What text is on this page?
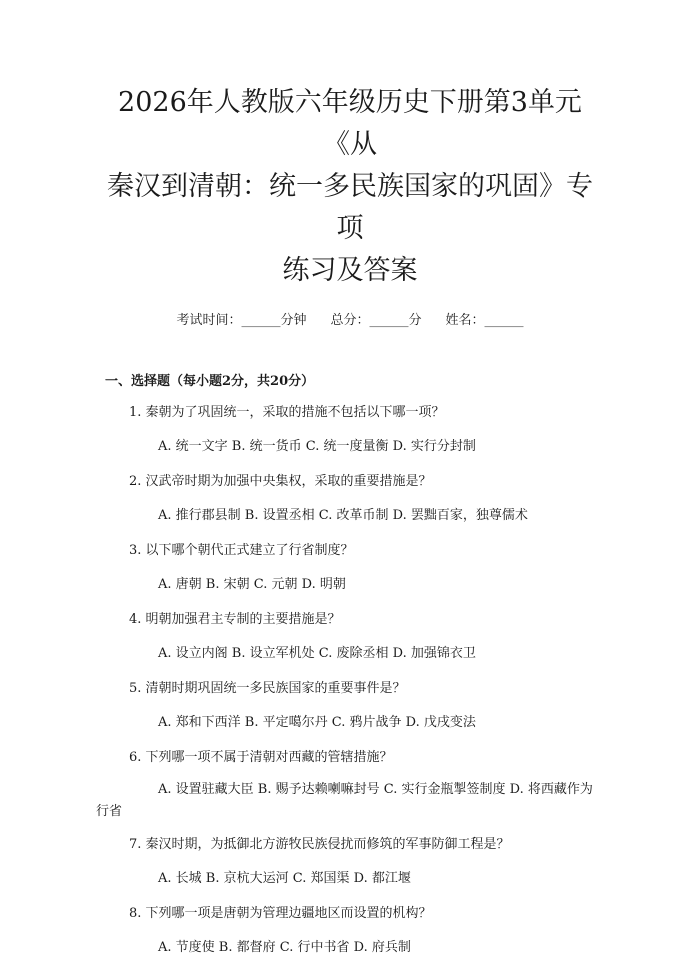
2026年人教版六年级历史下册第3单元《从
秦汉到清朝：统一多民族国家的巩固》专项
练习及答案
考试时间：______分钟 总分：______分 姓名：______
一、选择题（每小题2分，共20分）
1. 秦朝为了巩固统一，采取的措施不包括以下哪一项？
A. 统一文字 B. 统一货币 C. 统一度量衡 D. 实行分封制
2. 汉武帝时期为加强中央集权，采取的重要措施是？
A. 推行郡县制 B. 设置丞相 C. 改革币制 D. 罢黜百家，独尊儒术
3. 以下哪个朝代正式建立了行省制度？
A. 唐朝 B. 宋朝 C. 元朝 D. 明朝
4. 明朝加强君主专制的主要措施是？
A. 设立内阁 B. 设立军机处 C. 废除丞相 D. 加强锦衣卫
5. 清朝时期巩固统一多民族国家的重要事件是？
A. 郑和下西洋 B. 平定噶尔丹 C. 鸦片战争 D. 戊戌变法
6. 下列哪一项不属于清朝对西藏的管辖措施？
A. 设置驻藏大臣 B. 赐予达赖喇嘛封号 C. 实行金瓶掣签制度 D. 将西藏作为行省
7. 秦汉时期，为抵御北方游牧民族侵扰而修筑的军事防御工程是？
A. 长城 B. 京杭大运河 C. 郑国渠 D. 都江堰
8. 下列哪一项是唐朝为管理边疆地区而设置的机构？
A. 节度使 B. 都督府 C. 行中书省 D. 府兵制
